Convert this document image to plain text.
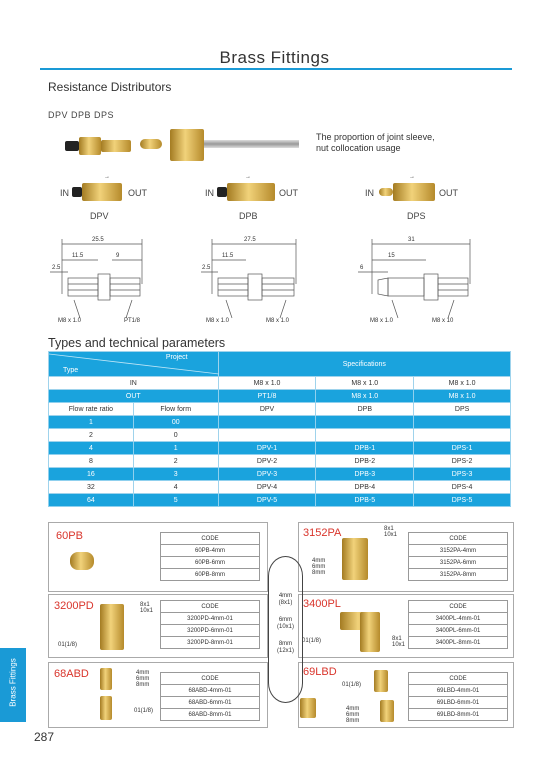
Brass Fittings
Resistance Distributors
DPV DPB DPS
The proportion of joint sleeve,
nut collocation usage
IN
→
OUT
DPV
IN
→
OUT
DPB
IN
→
OUT
DPS
25.5
11.5	9
2.5
M8 x 1.0	PT1/8
27.5
11.5
2.5
M8 x 1.0	M8 x 1.0
31
15
6
M8 x 1.0	M8 x 10
Types and technical parameters
Project
Type		Specifications		
IN		M8 x 1.0	M8 x 1.0	M8 x 1.0
OUT		PT1/8	M8 x 1.0	M8 x 1.0
Flow rate ratio	Flow form	DPV	DPB	DPS
1	00			
2	0			
4	1	DPV-1	DPB-1	DPS-1
8	2	DPV-2	DPB-2	DPS-2
16	3	DPV-3	DPB-3	DPS-3
32	4	DPV-4	DPB-4	DPS-4
64	5	DPV-5	DPB-5	DPS-5
60PB	CODE
60PB-4mm
60PB-6mm
60PB-8mm
3152PA	8x1
10x1
4mm
6mm
8mm
CODE
3152PA-4mm
3152PA-6mm
3152PA-8mm
3200PD	8x1
10x1
01(1/8)
CODE
3200PD-4mm-01
3200PD-6mm-01
3200PD-8mm-01
3400PL
01(1/8)	8x1
10x1
CODE
3400PL-4mm-01
3400PL-6mm-01
3400PL-8mm-01
68ABD	4mm
6mm
8mm
01(1/8)
CODE
68ABD-4mm-01
68ABD-6mm-01
68ABD-8mm-01
69LBD
01(1/8)
4mm
6mm
8mm
CODE
69LBD-4mm-01
69LBD-6mm-01
69LBD-8mm-01
4mm
(8x1)
6mm
(10x1)
8mm
(12x1)
Brass Fittings
287
